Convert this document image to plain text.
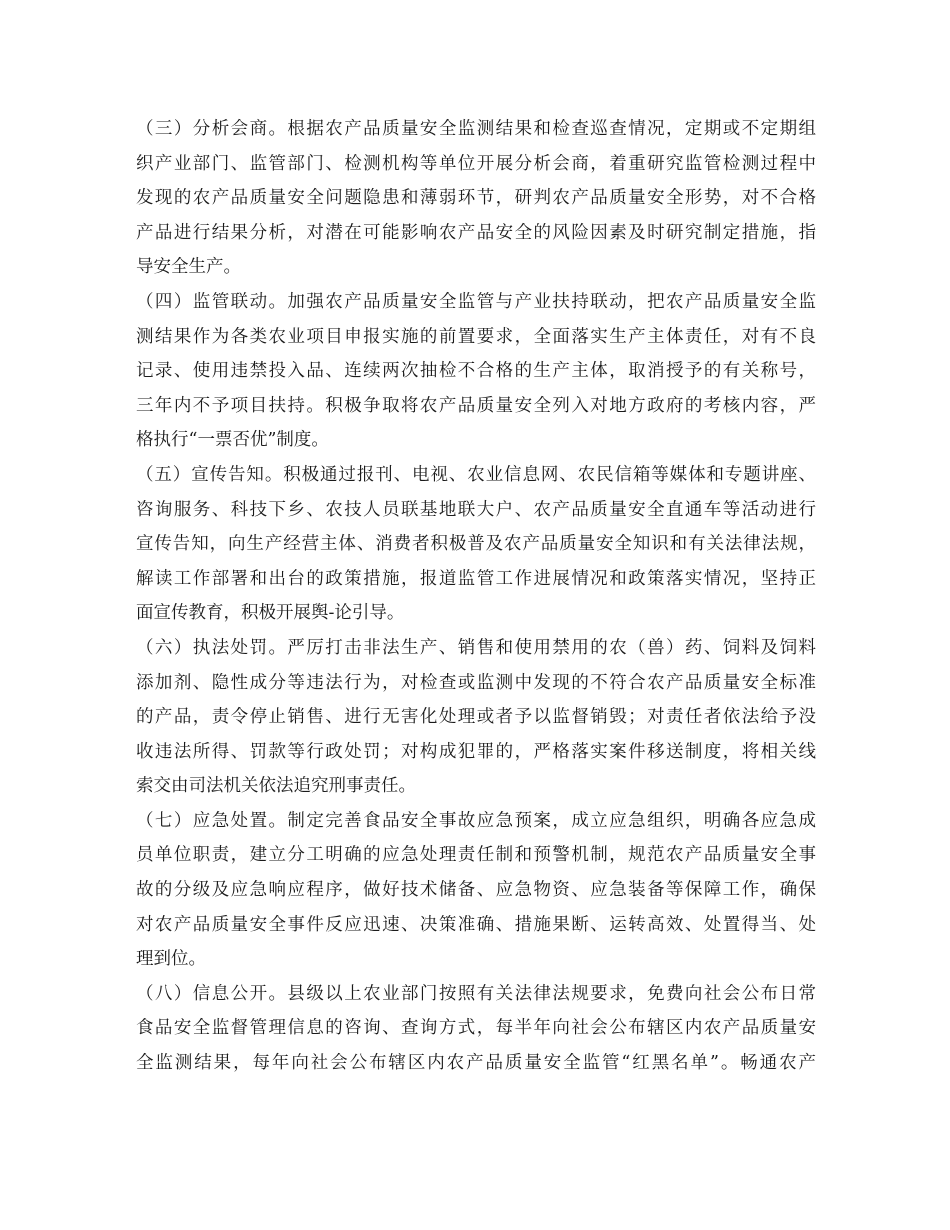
（三）分析会商。根据农产品质量安全监测结果和检查巡查情况，定期或不定期组
织产业部门、监管部门、检测机构等单位开展分析会商，着重研究监管检测过程中
发现的农产品质量安全问题隐患和薄弱环节，研判农产品质量安全形势，对不合格
产品进行结果分析，对潜在可能影响农产品安全的风险因素及时研究制定措施，指
导安全生产。
（四）监管联动。加强农产品质量安全监管与产业扶持联动，把农产品质量安全监
测结果作为各类农业项目申报实施的前置要求，全面落实生产主体责任，对有不良
记录、使用违禁投入品、连续两次抽检不合格的生产主体，取消授予的有关称号，
三年内不予项目扶持。积极争取将农产品质量安全列入对地方政府的考核内容，严
格执行“一票否优”制度。
（五）宣传告知。积极通过报刊、电视、农业信息网、农民信箱等媒体和专题讲座、
咨询服务、科技下乡、农技人员联基地联大户、农产品质量安全直通车等活动进行
宣传告知，向生产经营主体、消费者积极普及农产品质量安全知识和有关法律法规，
解读工作部署和出台的政策措施，报道监管工作进展情况和政策落实情况，坚持正
面宣传教育，积极开展舆-论引导。
（六）执法处罚。严厉打击非法生产、销售和使用禁用的农（兽）药、饲料及饲料
添加剂、隐性成分等违法行为，对检查或监测中发现的不符合农产品质量安全标准
的产品，责令停止销售、进行无害化处理或者予以监督销毁；对责任者依法给予没
收违法所得、罚款等行政处罚；对构成犯罪的，严格落实案件移送制度，将相关线
索交由司法机关依法追究刑事责任。
（七）应急处置。制定完善食品安全事故应急预案，成立应急组织，明确各应急成
员单位职责，建立分工明确的应急处理责任制和预警机制，规范农产品质量安全事
故的分级及应急响应程序，做好技术储备、应急物资、应急装备等保障工作，确保
对农产品质量安全事件反应迅速、决策准确、措施果断、运转高效、处置得当、处
理到位。
（八）信息公开。县级以上农业部门按照有关法律法规要求，免费向社会公布日常
食品安全监督管理信息的咨询、查询方式，每半年向社会公布辖区内农产品质量安
全监测结果，每年向社会公布辖区内农产品质量安全监管“红黑名单”。畅通农产
